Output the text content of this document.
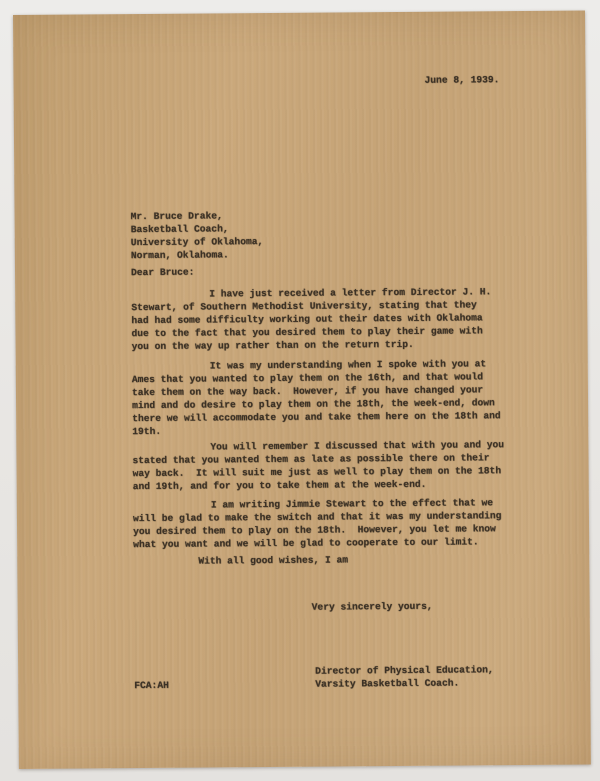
June 8, 1939.
Mr. Bruce Drake,
Basketball Coach,
University of Oklahoma,
Norman, Oklahoma.
Dear Bruce:
I have just received a letter from Director J. H.
Stewart, of Southern Methodist University, stating that they
had had some difficulty working out their dates with Oklahoma
due to the fact that you desired them to play their game with
you on the way up rather than on the return trip.
It was my understanding when I spoke with you at
Ames that you wanted to play them on the 16th, and that would
take them on the way back.  However, if you have changed your
mind and do desire to play them on the 18th, the week-end, down
there we will accommodate you and take them here on the 18th and
19th.
You will remember I discussed that with you and you
stated that you wanted them as late as possible there on their
way back.  It will suit me just as well to play them on the 18th
and 19th, and for you to take them at the week-end.
I am writing Jimmie Stewart to the effect that we
will be glad to make the switch and that it was my understanding
you desired them to play on the 18th.  However, you let me know
what you want and we will be glad to cooperate to our limit.
With all good wishes, I am
Very sincerely yours,
Director of Physical Education,
Varsity Basketball Coach.
FCA:AH
